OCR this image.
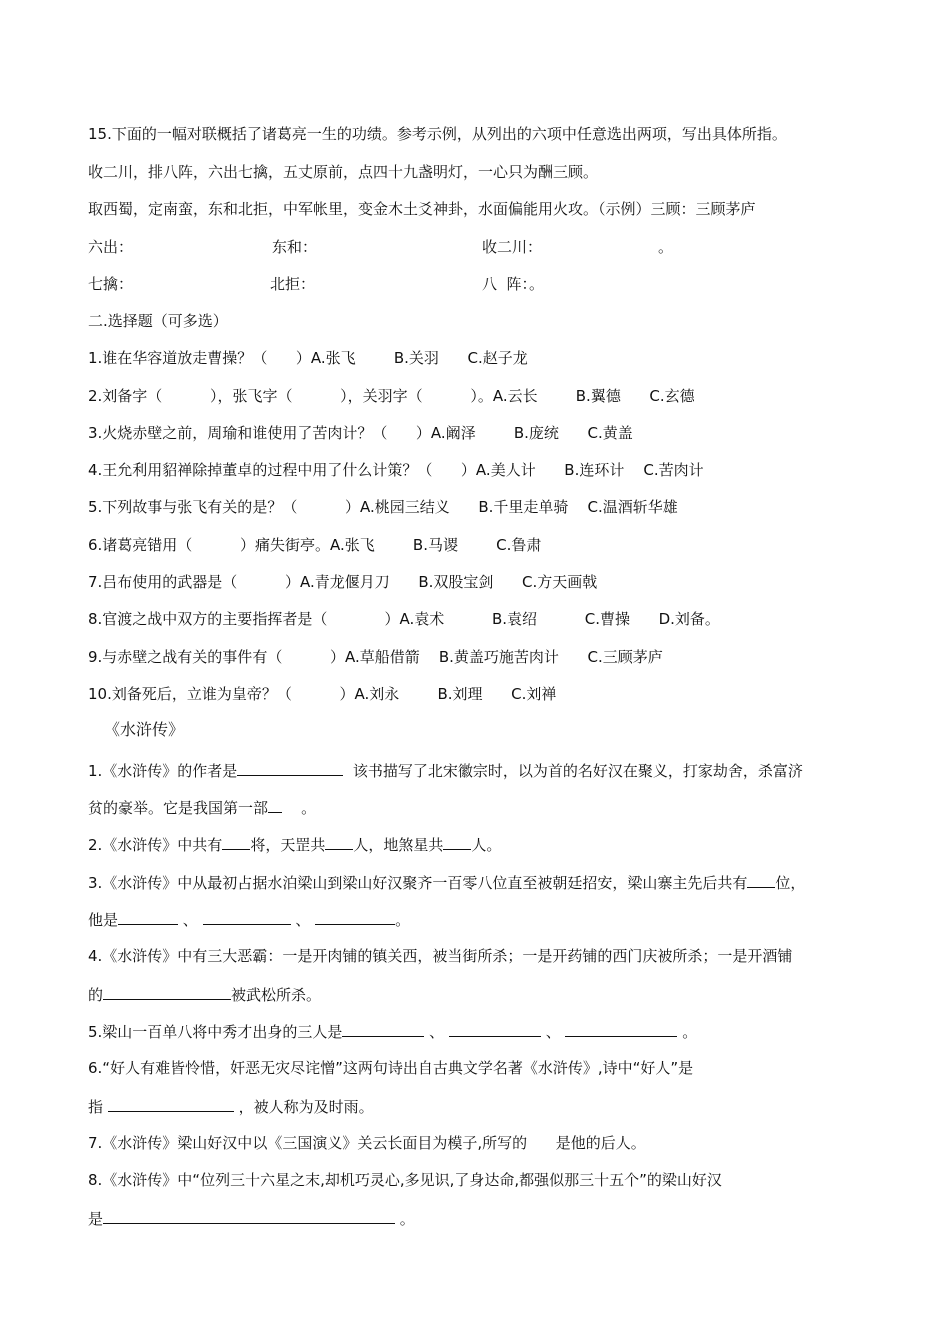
15.下面的一幅对联概括了诸葛亮一生的功绩。参考示例，从列出的六项中任意选出两项，写出具体所指。
收二川，排八阵，六出七擒，五丈原前，点四十九盏明灯，一心只为酬三顾。
取西蜀，定南蛮，东和北拒，中军帐里，变金木土爻神卦，水面偏能用火攻。（示例）三顾：三顾茅庐
六出：	东和：	收二川：	。
七擒：	北拒：	八  阵：。
二.选择题（可多选）
1.谁在华容道放走曹操？（      ）A.张飞        B.关羽      C.赵子龙
2.刘备字（          ），张飞字（          ），关羽字（          ）。A.云长        B.翼德      C.玄德
3.火烧赤壁之前，周瑜和谁使用了苦肉计？（      ）A.阚泽        B.庞统      C.黄盖
4.王允利用貂禅除掉董卓的过程中用了什么计策？（      ）A.美人计      B.连环计    C.苦肉计
5.下列故事与张飞有关的是？（          ）A.桃园三结义      B.千里走单骑    C.温酒斩华雄
6.诸葛亮错用（          ）痛失街亭。A.张飞        B.马谡        C.鲁肃
7.吕布使用的武器是（          ）A.青龙偃月刀      B.双股宝剑      C.方天画戟
8.官渡之战中双方的主要指挥者是（            ）A.袁术          B.袁绍          C.曹操      D.刘备。
9.与赤壁之战有关的事件有（          ）A.草船借箭    B.黄盖巧施苦肉计      C.三顾茅庐
10.刘备死后，立谁为皇帝？（          ）A.刘永        B.刘理      C.刘禅
《水浒传》
1.《水浒传》的作者是	该书描写了北宋徽宗时，以为首的名好汉在聚义，打家劫舍，杀富济
贫的豪举。它是我国第一部 。
2.《水浒传》中共有 将，天罡共 人，地煞星共 人。
3.《水浒传》中从最初占据水泊梁山到梁山好汉聚齐一百零八位直至被朝廷招安，梁山寨主先后共有 位，
他是	、	、	。
4.《水浒传》中有三大恶霸：一是开肉铺的镇关西，被当街所杀；一是开药铺的西门庆被所杀；一是开酒铺
的	被武松所杀。
5.梁山一百单八将中秀才出身的三人是	、	、	。
6.“好人有难皆怜惜，奸恶无灾尽诧憎”这两句诗出自古典文学名著《水浒传》,诗中“好人”是
指	，被人称为及时雨。
7.《水浒传》梁山好汉中以《三国演义》关云长面目为模子,所写的      是他的后人。
8.《水浒传》中“位列三十六星之末,却机巧灵心,多见识,了身达命,都强似那三十五个”的梁山好汉
是	。
